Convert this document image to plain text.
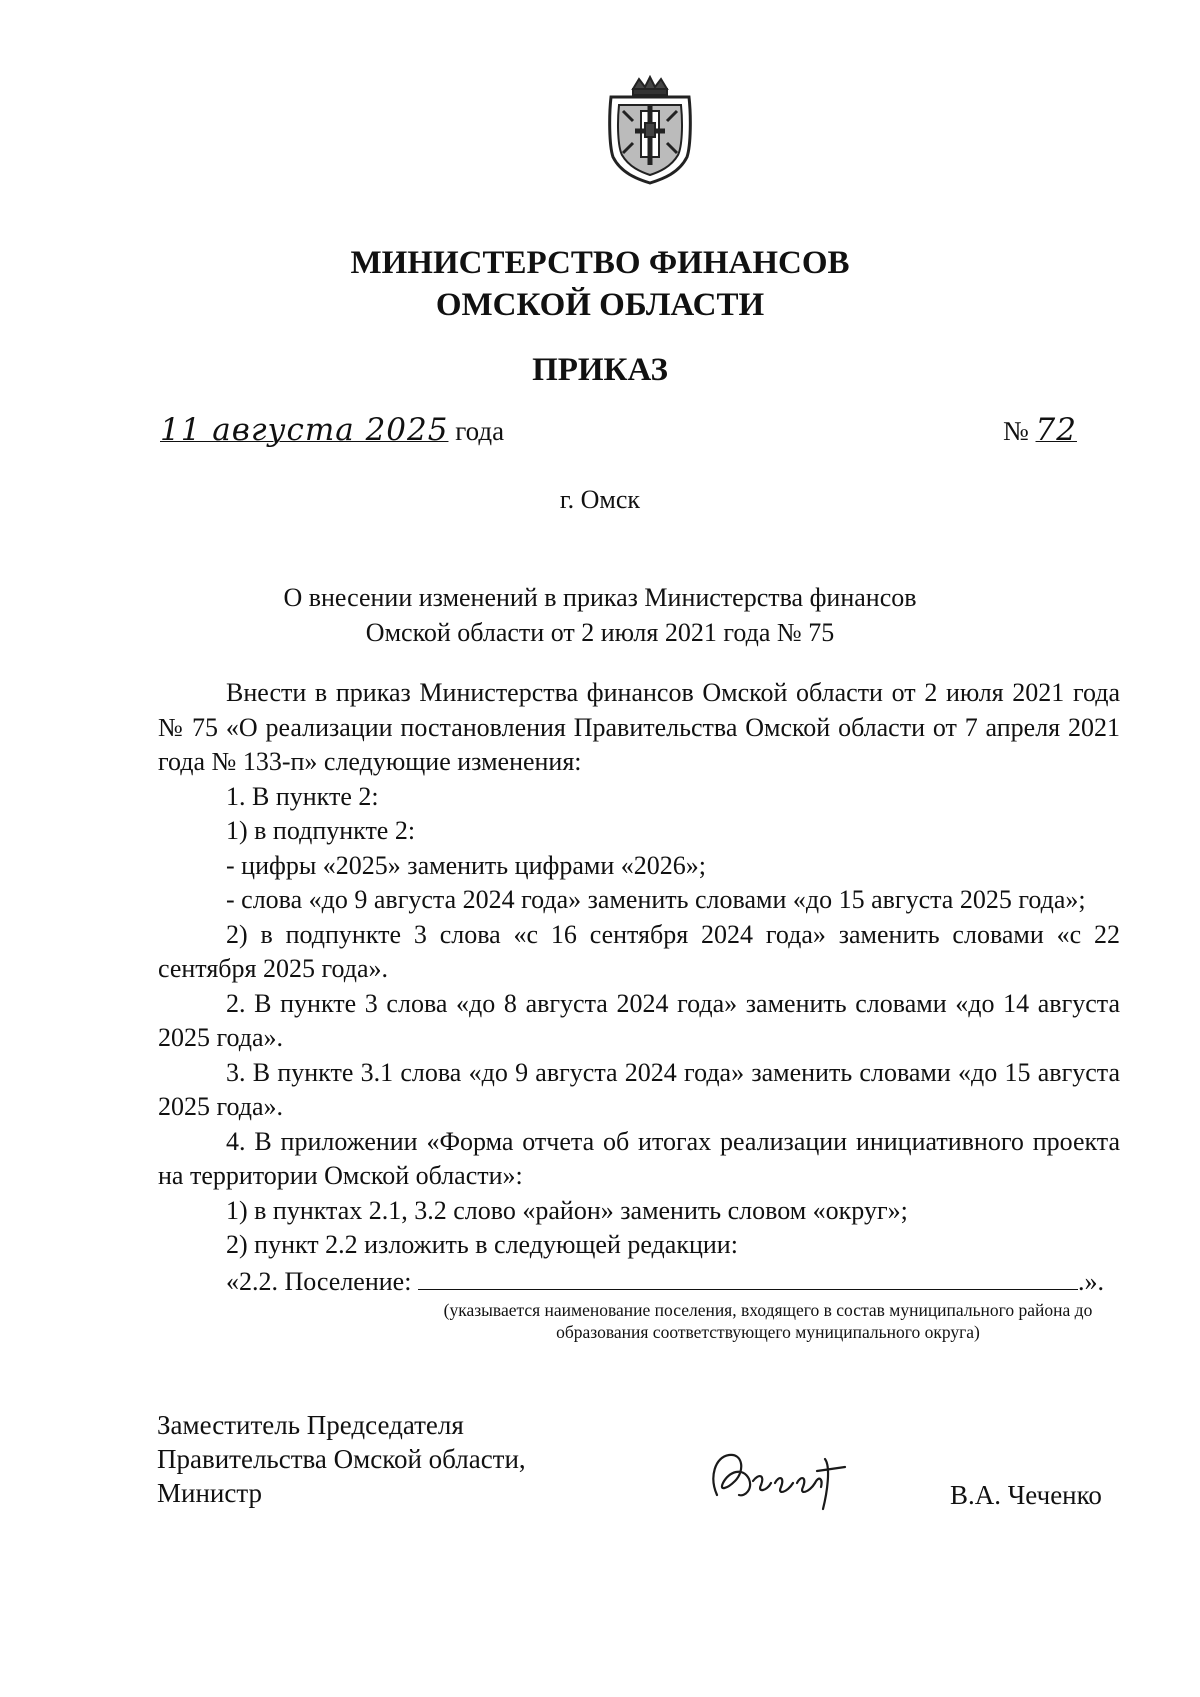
МИНИСТЕРСТВО ФИНАНСОВ
ОМСКОЙ ОБЛАСТИ
ПРИКАЗ
11 августа 2025 года	№ 72
г. Омск
О внесении изменений в приказ Министерства финансов
Омской области от 2 июля 2021 года № 75

Внести в приказ Министерства финансов Омской области от 2 июля 2021 года № 75 «О реализации постановления Правительства Омской области от 7 апреля 2021 года № 133-п» следующие изменения:

1. В пункте 2:

1) в подпункте 2:

- цифры «2025» заменить цифрами «2026»;

- слова «до 9 августа 2024 года» заменить словами «до 15 августа 2025 года»;

2) в подпункте 3 слова «с 16 сентября 2024 года» заменить словами «с 22 сентября 2025 года».

2. В пункте 3 слова «до 8 августа 2024 года» заменить словами «до 14 августа 2025 года».

3. В пункте 3.1 слова «до 9 августа 2024 года» заменить словами «до 15 августа 2025 года».

4. В приложении «Форма отчета об итогах реализации инициативного проекта на территории Омской области»:

1) в пунктах 2.1, 3.2 слово «район» заменить словом «округ»;

2) пункт 2.2 изложить в следующей редакции:

«2.2. Поселение:	.».

(указывается наименование поселения, входящего в состав муниципального района до образования соответствующего муниципального округа)
Заместитель Председателя
Правительства Омской области,
Министр	В.А. Чеченко
